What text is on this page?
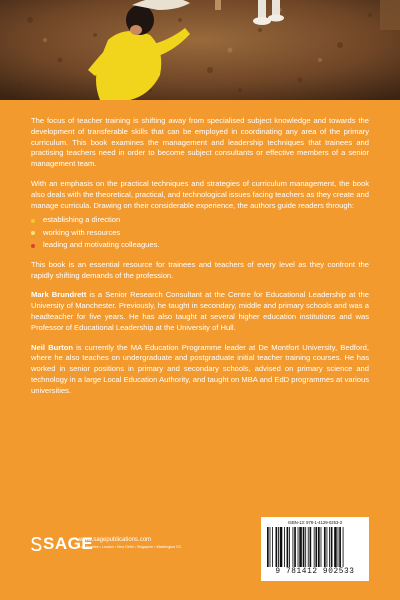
The focus of teacher training is shifting away from specialised subject knowledge and towards the development of transferable skills that can be employed in coordinating any area of the primary curriculum. This book examines the management and leadership techniques that trainees and practising teachers need in order to become subject consultants or effective members of a senior management team.

With an emphasis on the practical techniques and strategies of curriculum management, the book also deals with the theoretical, practical, and technological issues facing teachers as they create and manage curricula. Drawing on their considerable experience, the authors guide readers through:

establishing a direction
working with resources
leading and motivating colleagues.

This book is an essential resource for trainees and teachers of every level as they confront the rapidly shifting demands of the profession.

Mark Brundrett is a Senior Research Consultant at the Centre for Educational Leadership at the University of Manchester. Previously, he taught in secondary, middle and primary schools and was a headteacher for five years. He has also taught at several higher education institutions and was Professor of Educational Leadership at the University of Hull.

Neil Burton is currently the MA Education Programme leader at De Montfort University, Bedford, where he also teaches on undergraduate and postgraduate initial teacher training courses. He has worked in senior positions in primary and secondary schools, advised on primary science and technology in a large Local Education Authority, and taught on MBA and EdD programmes at various universities.

SAGE
www.sagepublications.com
Los Angeles • London • New Delhi • Singapore • Washington DC
ISBN-13: 978-1-4129-0253-3
9 781412 902533
